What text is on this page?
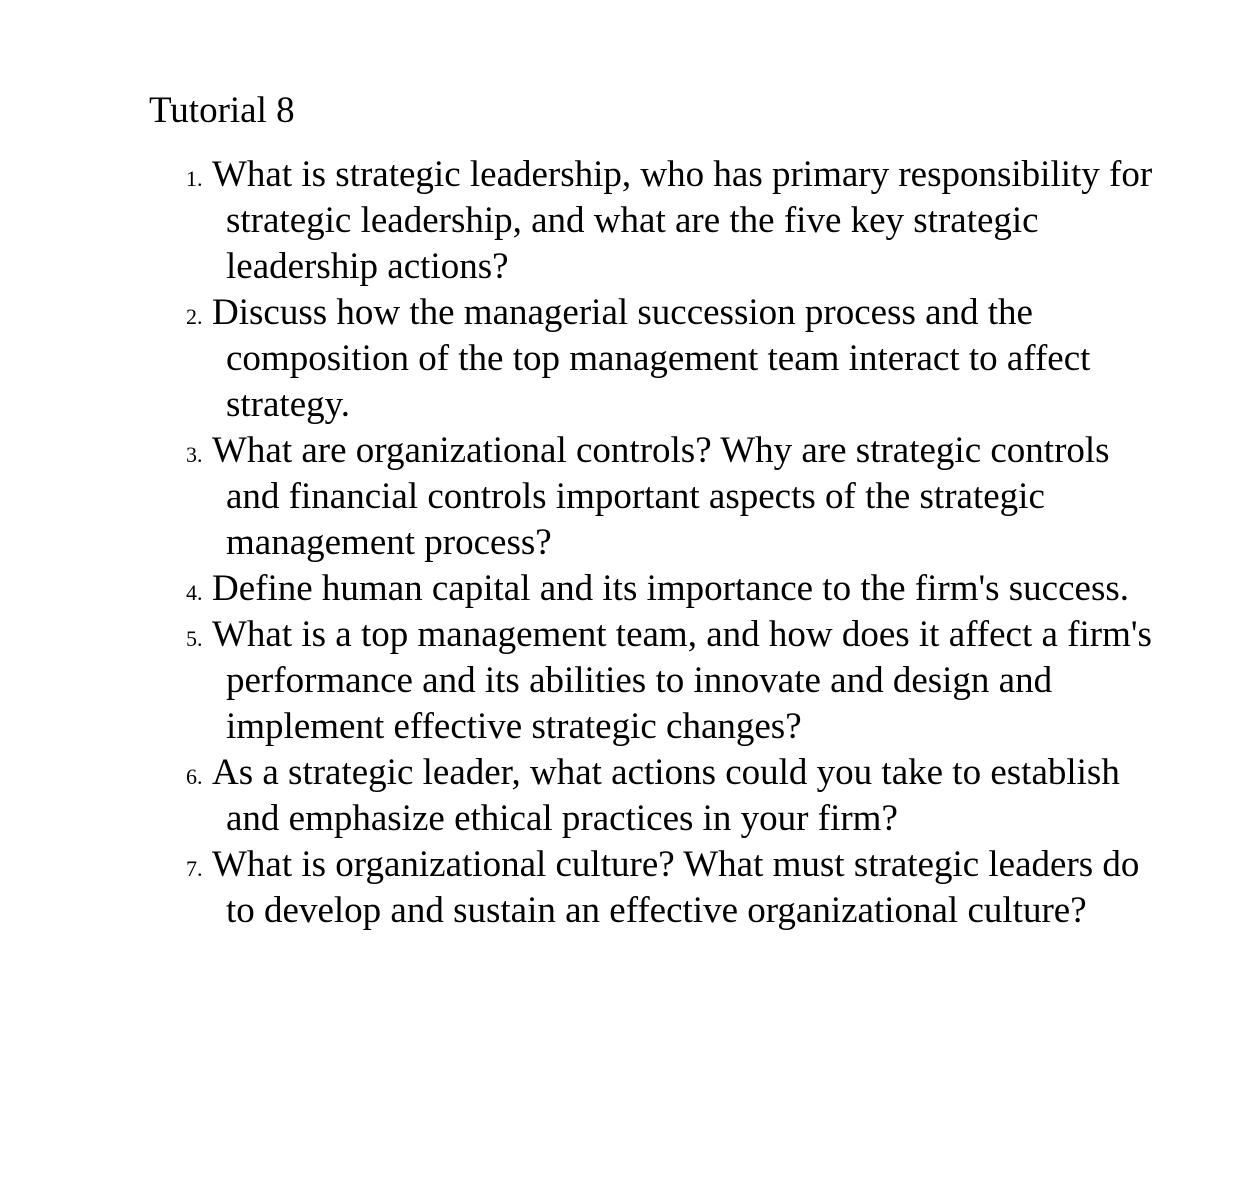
Tutorial 8
1. What is strategic leadership, who has primary responsibility for strategic leadership, and what are the five key strategic leadership actions?
2. Discuss how the managerial succession process and the composition of the top management team interact to affect strategy.
3. What are organizational controls? Why are strategic controls and financial controls important aspects of the strategic management process?
4. Define human capital and its importance to the firm's success.
5. What is a top management team, and how does it affect a firm's performance and its abilities to innovate and design and implement effective strategic changes?
6. As a strategic leader, what actions could you take to establish and emphasize ethical practices in your firm?
7. What is organizational culture? What must strategic leaders do to develop and sustain an effective organizational culture?
